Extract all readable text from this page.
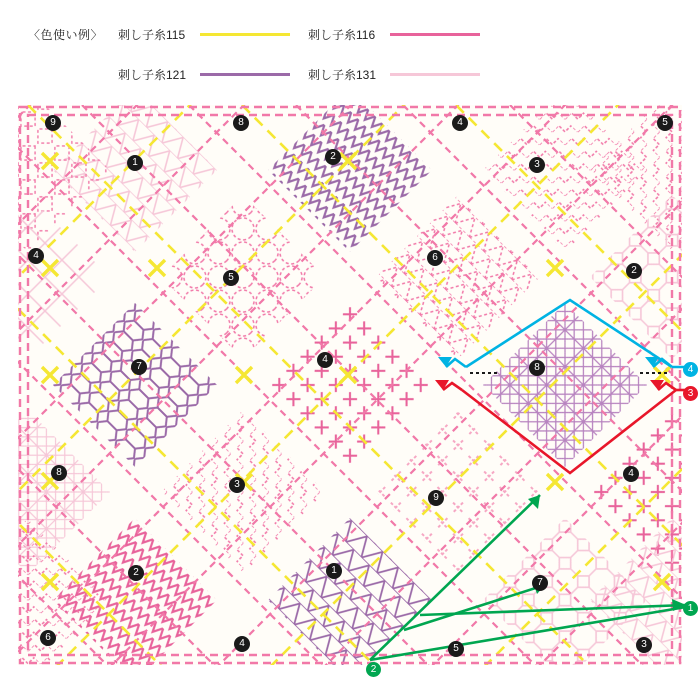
〈色使い例〉 刺し子糸115	刺し子糸116
刺し子糸121	刺し子糸131
9	8	4	5
1
2
3
4
5
6
2
7
4
8
8
3
9
4
2	1
7
6
4	5	3
4
3
1
2
